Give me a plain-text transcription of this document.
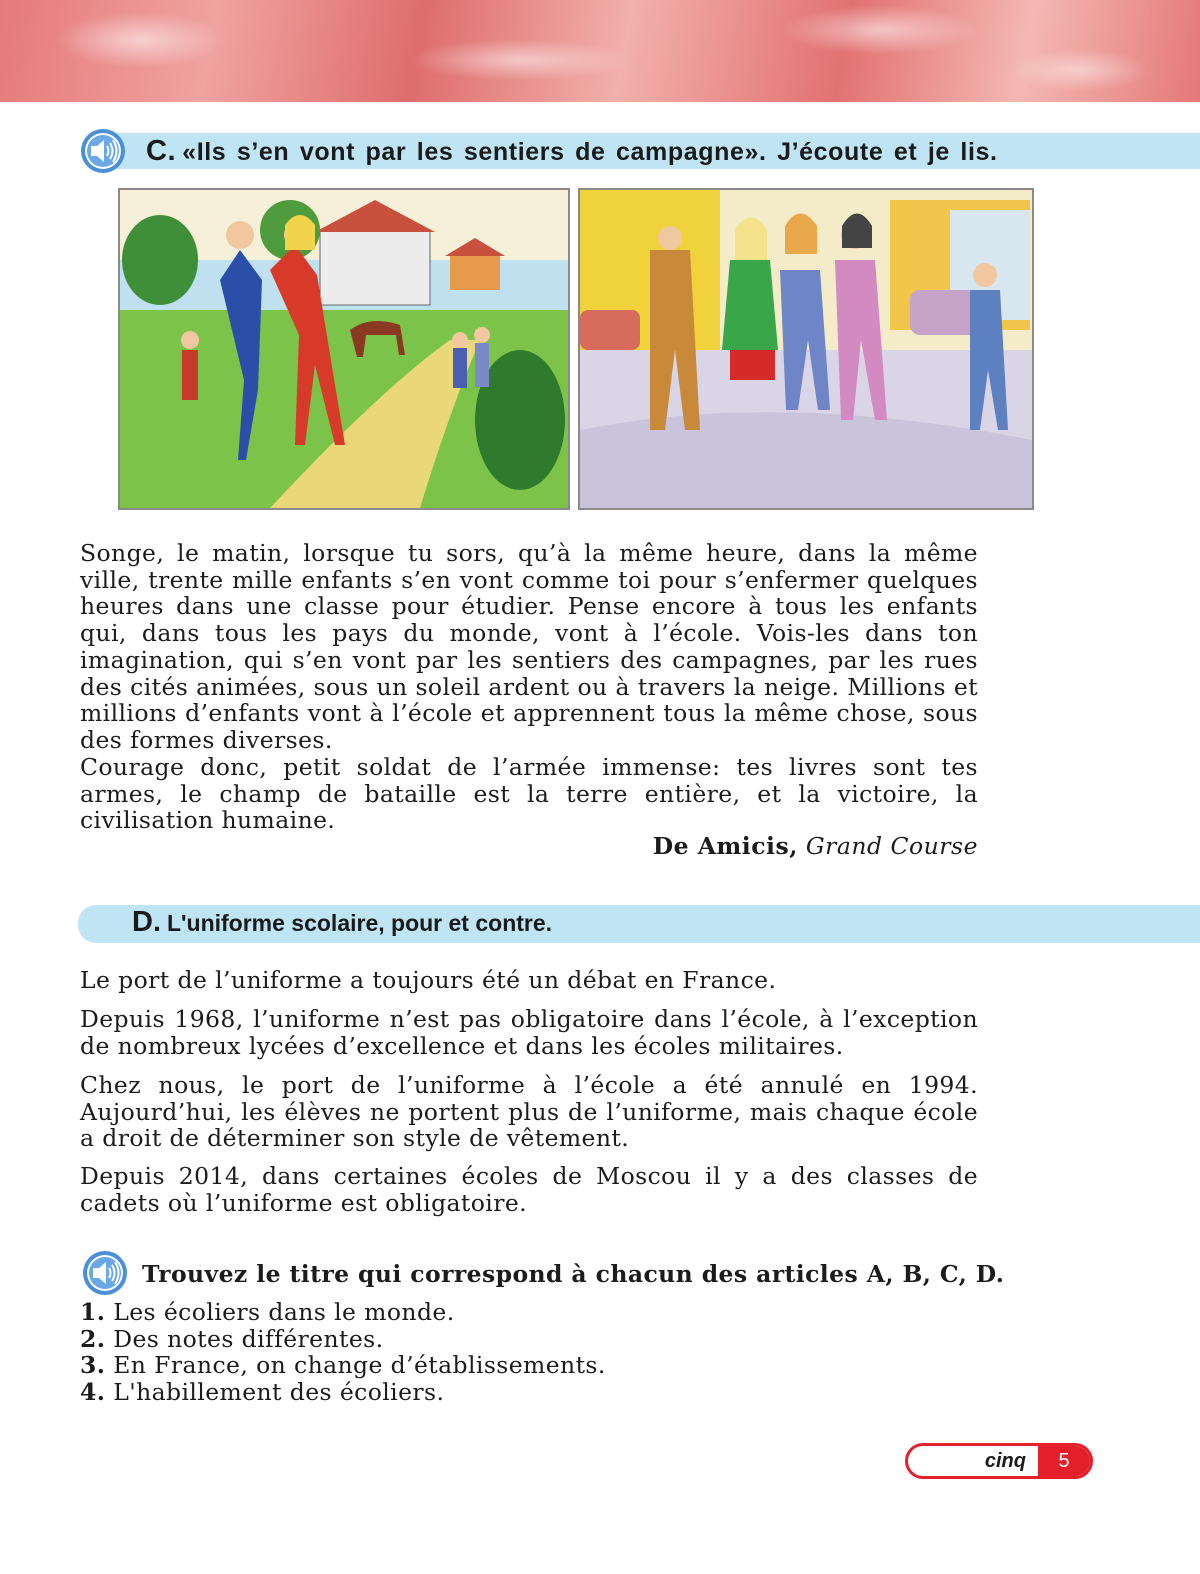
C. «Ils s’en vont par les sentiers de campagne». J’écoute et je lis.

Songe, le matin, lorsque tu sors, qu’à la même heure, dans la même ville, trente mille enfants s’en vont comme toi pour s’enfermer quelques heures dans une classe pour étudier. Pense encore à tous les enfants qui, dans tous les pays du monde, vont à l’école. Vois-les dans ton imagination, qui s’en vont par les sentiers des campagnes, par les rues des cités animées, sous un soleil ardent ou à travers la neige. Millions et millions d’enfants vont à l’école et apprennent tous la même chose, sous des formes diverses.

Courage donc, petit soldat de l’armée immense: tes livres sont tes armes, le champ de bataille est la terre entière, et la victoire, la civilisation humaine.

De Amicis, Grand Course
D. L'uniforme scolaire, pour et contre.

Le port de l’uniforme a toujours été un débat en France.

Depuis 1968, l’uniforme n’est pas obligatoire dans l’école, à l’exception de nombreux lycées d’excellence et dans les écoles militaires.

Chez nous, le port de l’uniforme à l’école a été annulé en 1994. Aujourd’hui, les élèves ne portent plus de l’uniforme, mais chaque école a droit de déterminer son style de vêtement.

Depuis 2014, dans certaines écoles de Moscou il y a des classes de cadets où l’uniforme est obligatoire.

Trouvez le titre qui correspond à chacun des articles A, B, C, D.
1. Les écoliers dans le monde.
2. Des notes différentes.
3. En France, on change d’établissements.
4. L'habillement des écoliers.
cinq	5
